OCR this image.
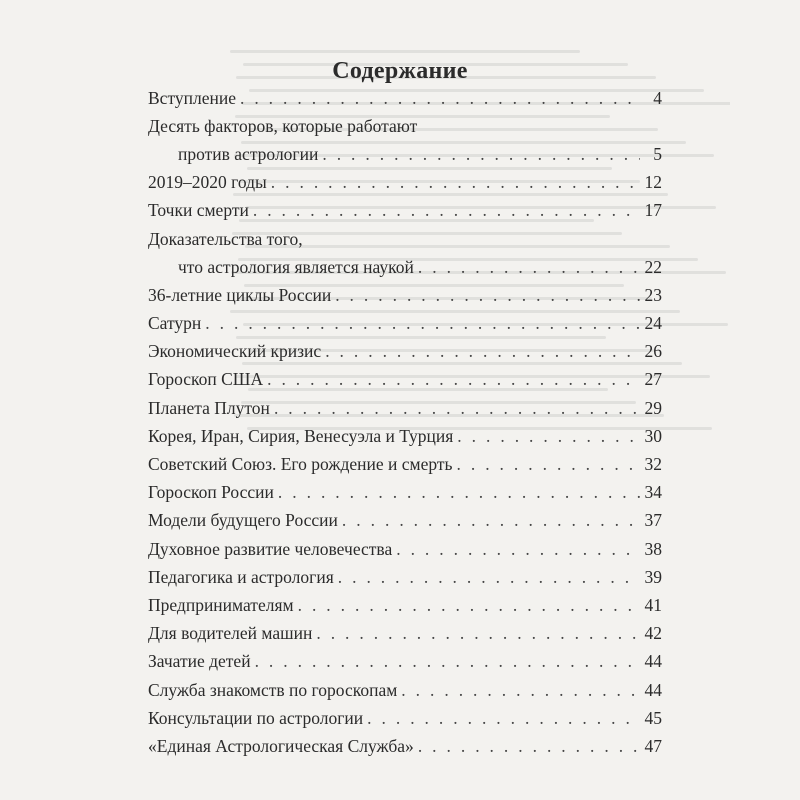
Содержание
Вступление . . .	4
Десять факторов, которые работают
против астрологии . . .	5
2019–2020 годы . . .	12
Точки смерти . . .	17
Доказательства того,
что астрология является наукой . . .	22
36-летние циклы России . . .	23
Сатурн . . .	24
Экономический кризис . . .	26
Гороскоп США . . .	27
Планета Плутон . . .	29
Корея, Иран, Сирия, Венесуэла и Турция . . .	30
Советский Союз. Его рождение и смерть . . .	32
Гороскоп России . . .	34
Модели будущего России . . .	37
Духовное развитие человечества . . .	38
Педагогика и астрология . . .	39
Предпринимателям . . .	41
Для водителей машин . . .	42
Зачатие детей . . .	44
Служба знакомств по гороскопам . . .	44
Консультации по астрологии . . .	45
«Единая Астрологическая Служба» . . .	47
